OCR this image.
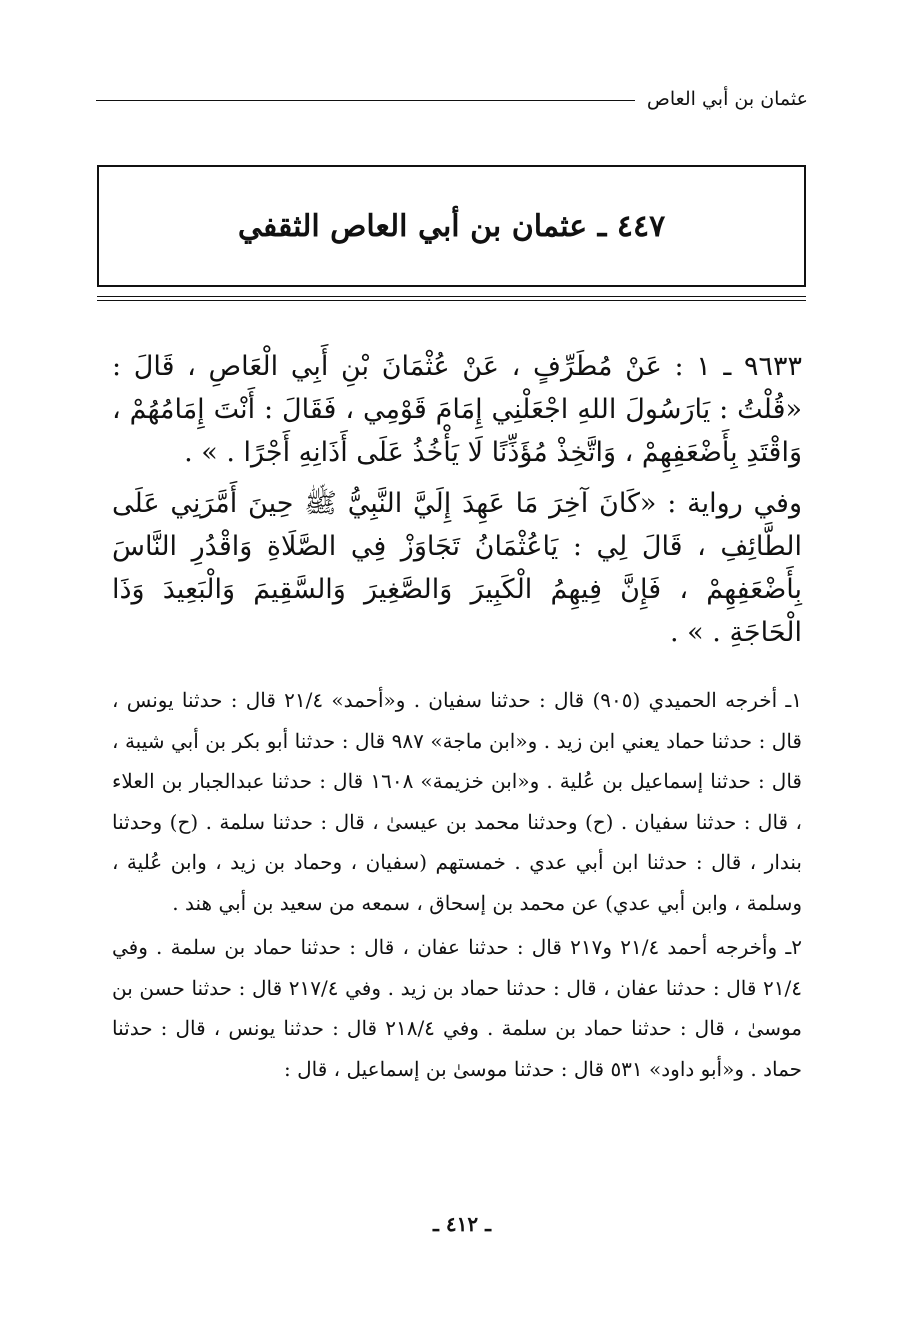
عثمان بن أبي العاص
٤٤٧ ـ عثمان بن أبي العاص الثقفي

٩٦٣٣ ـ ١ : عَنْ مُطَرِّفٍ ، عَنْ عُثْمَانَ بْنِ أَبِي الْعَاصِ ، قَالَ : «قُلْتُ : يَارَسُولَ اللهِ اجْعَلْنِي إِمَامَ قَوْمِي ، فَقَالَ : أَنْتَ إِمَامُهُمْ ، وَاقْتَدِ بِأَضْعَفِهِمْ ، وَاتَّخِذْ مُؤَذِّنًا لَا يَأْخُذُ عَلَى أَذَانِهِ أَجْرًا . » .

وفي رواية : «كَانَ آخِرَ مَا عَهِدَ إِلَيَّ النَّبِيُّ ﷺ حِينَ أَمَّرَنِي عَلَى الطَّائِفِ ، قَالَ لِي : يَاعُثْمَانُ تَجَاوَزْ فِي الصَّلَاةِ وَاقْدُرِ النَّاسَ بِأَضْعَفِهِمْ ، فَإِنَّ فِيهِمُ الْكَبِيرَ وَالصَّغِيرَ وَالسَّقِيمَ وَالْبَعِيدَ وَذَا الْحَاجَةِ . » .

١ـ أخرجه الحميدي (٩٠٥) قال : حدثنا سفيان . و«أحمد» ٢١/٤ قال : حدثنا يونس ، قال : حدثنا حماد يعني ابن زيد . و«ابن ماجة» ٩٨٧ قال : حدثنا أبو بكر بن أبي شيبة ، قال : حدثنا إسماعيل بن عُلية . و«ابن خزيمة» ١٦٠٨ قال : حدثنا عبدالجبار بن العلاء ، قال : حدثنا سفيان . (ح) وحدثنا محمد بن عيسىٰ ، قال : حدثنا سلمة . (ح) وحدثنا بندار ، قال : حدثنا ابن أبي عدي . خمستهم (سفيان ، وحماد بن زيد ، وابن عُلية ، وسلمة ، وابن أبي عدي) عن محمد بن إسحاق ، سمعه من سعيد بن أبي هند .

٢ـ وأخرجه أحمد ٢١/٤ و٢١٧ قال : حدثنا عفان ، قال : حدثنا حماد بن سلمة . وفي ٢١/٤ قال : حدثنا عفان ، قال : حدثنا حماد بن زيد . وفي ٢١٧/٤ قال : حدثنا حسن بن موسىٰ ، قال : حدثنا حماد بن سلمة . وفي ٢١٨/٤ قال : حدثنا يونس ، قال : حدثنا حماد . و«أبو داود» ٥٣١ قال : حدثنا موسىٰ بن إسماعيل ، قال :

ـ ٤١٢ ـ
